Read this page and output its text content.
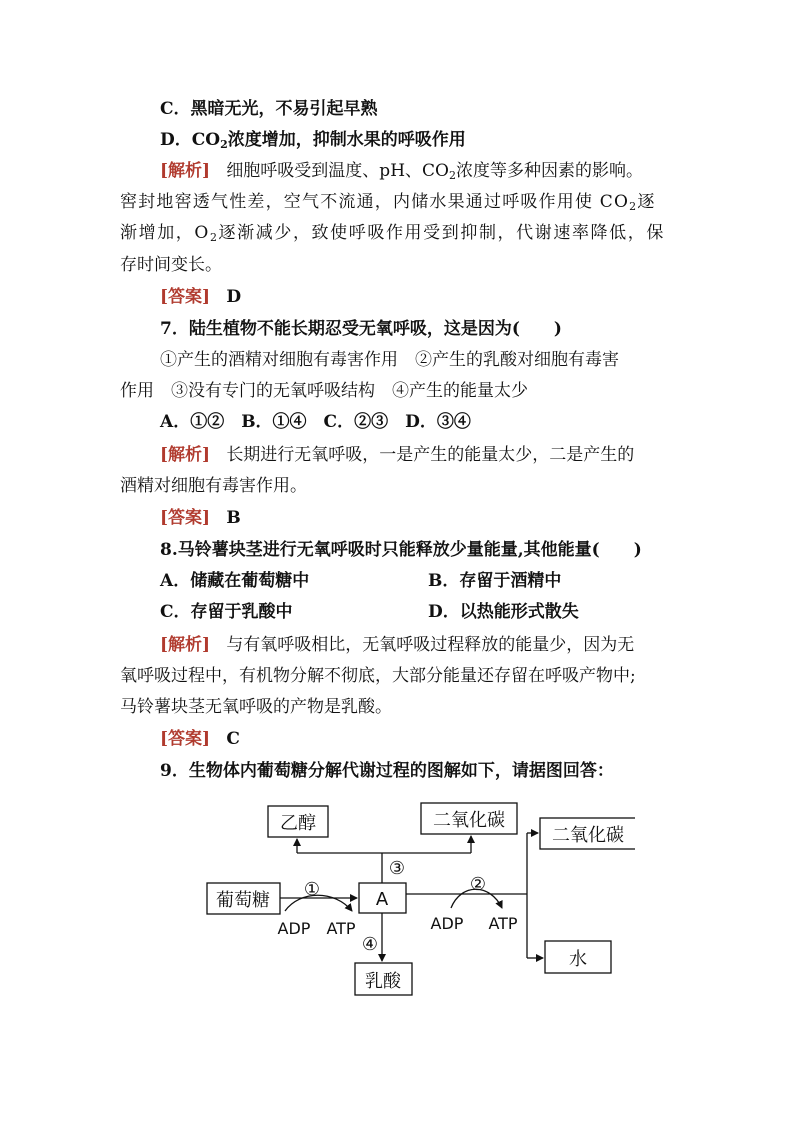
C．黑暗无光，不易引起早熟
D．$CO_2$浓度增加，抑制水果的呼吸作用
[解析] 细胞呼吸受到温度、pH、$CO_2$浓度等多种因素的影响。
窖封地窖透气性差，空气不流通，内储水果通过呼吸作用使 $CO_2$逐
渐增加，$O_2$逐渐减少，致使呼吸作用受到抑制，代谢速率降低，保
存时间变长。
[答案] D
7．陆生植物不能长期忍受无氧呼吸，这是因为(　　)
①产生的酒精对细胞有毒害作用　②产生的乳酸对细胞有毒害
作用　③没有专门的无氧呼吸结构　④产生的能量太少
A．①②　B．①④　C．②③　D．③④
[解析] 长期进行无氧呼吸，一是产生的能量太少，二是产生的
酒精对细胞有毒害作用。
[答案] B
8.马铃薯块茎进行无氧呼吸时只能释放少量能量,其他能量(　　)
A．储藏在葡萄糖中	B．存留于酒精中
C．存留于乳酸中	D．以热能形式散失
[解析] 与有氧呼吸相比，无氧呼吸过程释放的能量少，因为无
氧呼吸过程中，有机物分解不彻底，大部分能量还存留在呼吸产物中;
马铃薯块茎无氧呼吸的产物是乳酸。
[答案] C
9．生物体内葡萄糖分解代谢过程的图解如下，请据图回答：
乙醇	二氧化碳
二氧化碳
葡萄糖	A
水
乳酸
①	②
③
④
ADP ATP	ADP ATP
